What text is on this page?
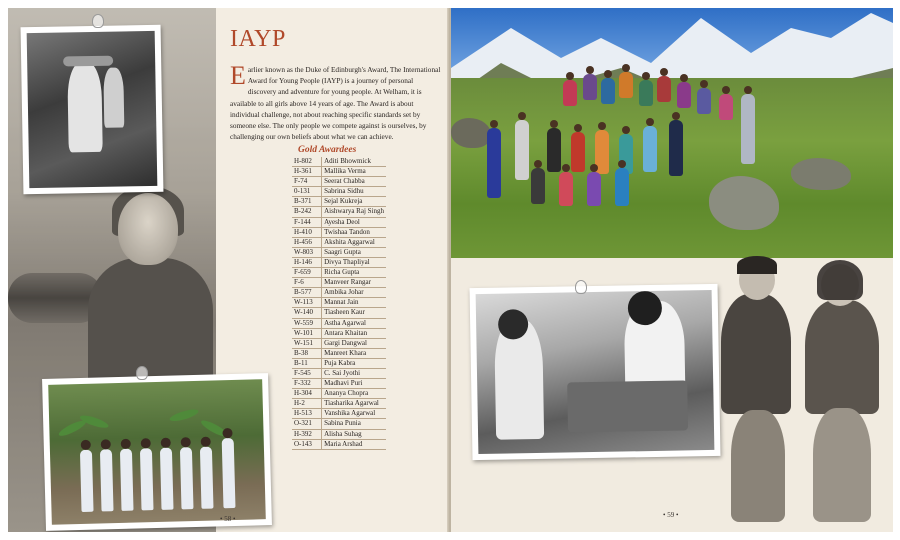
IAYP

Earlier known as the Duke of Edinburgh's Award, The International Award for Young People (IAYP) is a journey of personal discovery and adventure for young people. At Welham, it is available to all girls above 14 years of age. The Award is about individual challenge, not about reaching specific standards set by someone else. The only people we compete against is ourselves, by challenging our own beliefs about what we can achieve.

Gold Awardees
H-802	Aditi Bhowmick
H-361	Mallika Verma
F-74	Seerat Chabba
0-131	Sabrina Sidhu
B-371	Sejal Kukreja
B-242	Aishwarya Raj Singh
F-144	Ayesha Deol
H-410	Twishaa Tandon
H-456	Akshita Aggarwal
W-803	Saagri Gupta
H-146	Divya Thapliyal
F-659	Richa Gupta
F-6	Manveer Rangar
B-577	Ambika Johar
W-113	Mannat Jain
W-140	Tiasheen Kaur
W-559	Astha Agarwal
W-101	Antara Khaitan
W-151	Gargi Dangwal
B-38	Manreet Khara
B-11	Puja Kabra
F-545	C. Sai Jyothi
F-332	Madhavi Puri
H-304	Ananya Chopra
H-2	Tiasharika Agarwal
H-513	Vanshika Agarwal
O-321	Sabina Punia
H-392	Alisha Suhag
O-143	Maria Arshad
• 58 •	• 59 •
